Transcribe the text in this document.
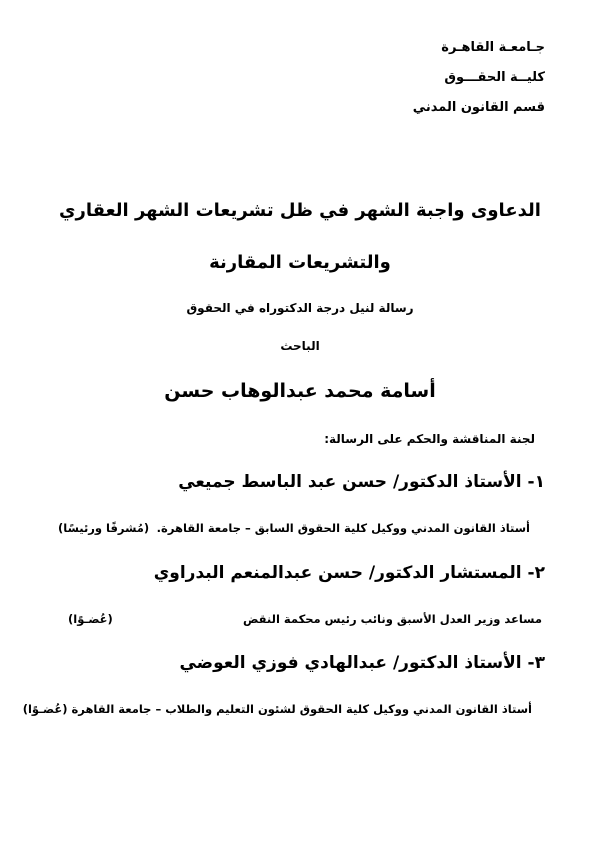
جـامعـة القاهـرة
كليــة الحقـــوق
قسم القانون المدني
الدعاوى واجبة الشهر في ظل تشريعات الشهر العقاري
والتشريعات المقارنة
رسالة لنيل درجة الدكتوراه في الحقوق
الباحث
أسامة محمد عبدالوهاب حسن
لجنة المناقشة والحكم على الرسالة:
١- الأستاذ الدكتور/ حسن عبد الباسط جميعي
أستاذ القانون المدني ووكيل كلية الحقوق السابق – جامعة القاهرة.
(مُشرفًا ورئيسًا)
٢- المستشار الدكتور/ حسن عبدالمنعم البدراوي
مساعد وزير العدل الأسبق ونائب رئيس محكمة النقض
(عُضـوًا)
٣- الأستاذ الدكتور/ عبدالهادي فوزي العوضي
أستاذ القانون المدني ووكيل كلية الحقوق لشئون التعليم والطلاب – جامعة القاهرة (عُضـوًا)
